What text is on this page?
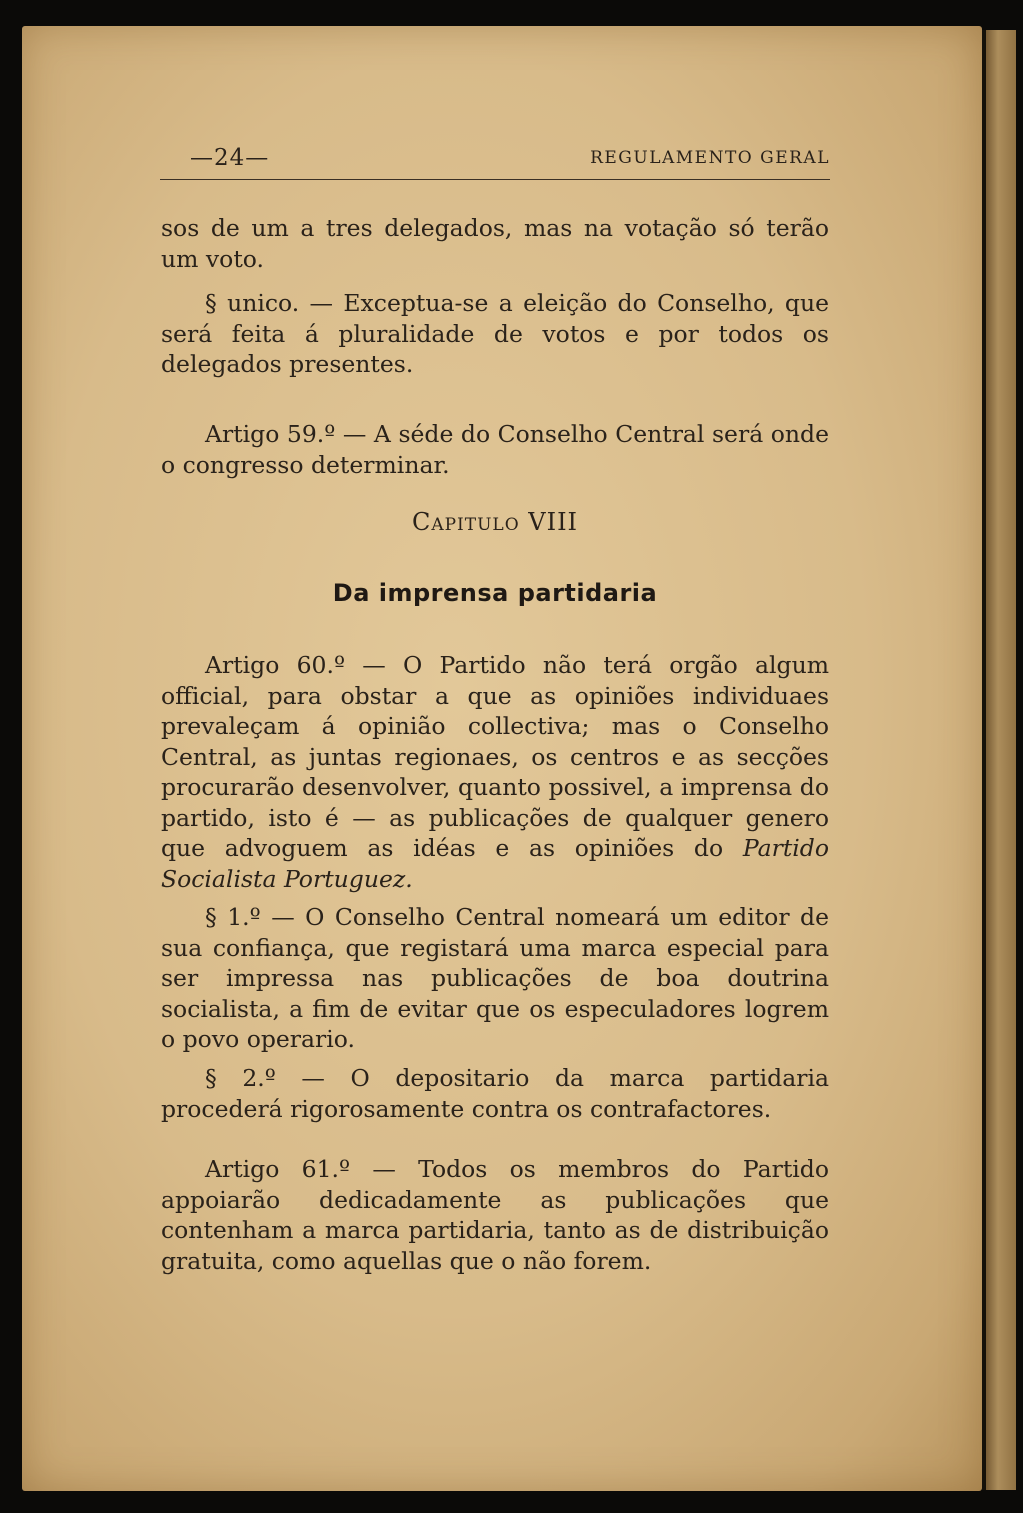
—24—	REGULAMENTO GERAL

sos de um a tres delegados, mas na votação só terão um voto.

§ unico. — Exceptua-se a eleição do Conselho, que será feita á pluralidade de votos e por todos os delegados presentes.

Artigo 59.º — A séde do Conselho Central será onde o congresso determinar.

Capitulo VIII
Da imprensa partidaria

Artigo 60.º — O Partido não terá orgão algum official, para obstar a que as opiniões individuaes prevaleçam á opinião collectiva; mas o Conselho Central, as juntas regionaes, os centros e as secções procurarão desenvolver, quanto possivel, a imprensa do partido, isto é — as publicações de qualquer genero que advoguem as idéas e as opiniões do Partido Socialista Portuguez.

§ 1.º — O Conselho Central nomeará um editor de sua confiança, que registará uma marca especial para ser impressa nas publicações de boa doutrina socialista, a fim de evitar que os especuladores logrem o povo operario.

§ 2.º — O depositario da marca partidaria procederá rigorosamente contra os contrafactores.

Artigo 61.º — Todos os membros do Partido appoiarão dedicadamente as publicações que contenham a marca partidaria, tanto as de distribuição gratuita, como aquellas que o não forem.
